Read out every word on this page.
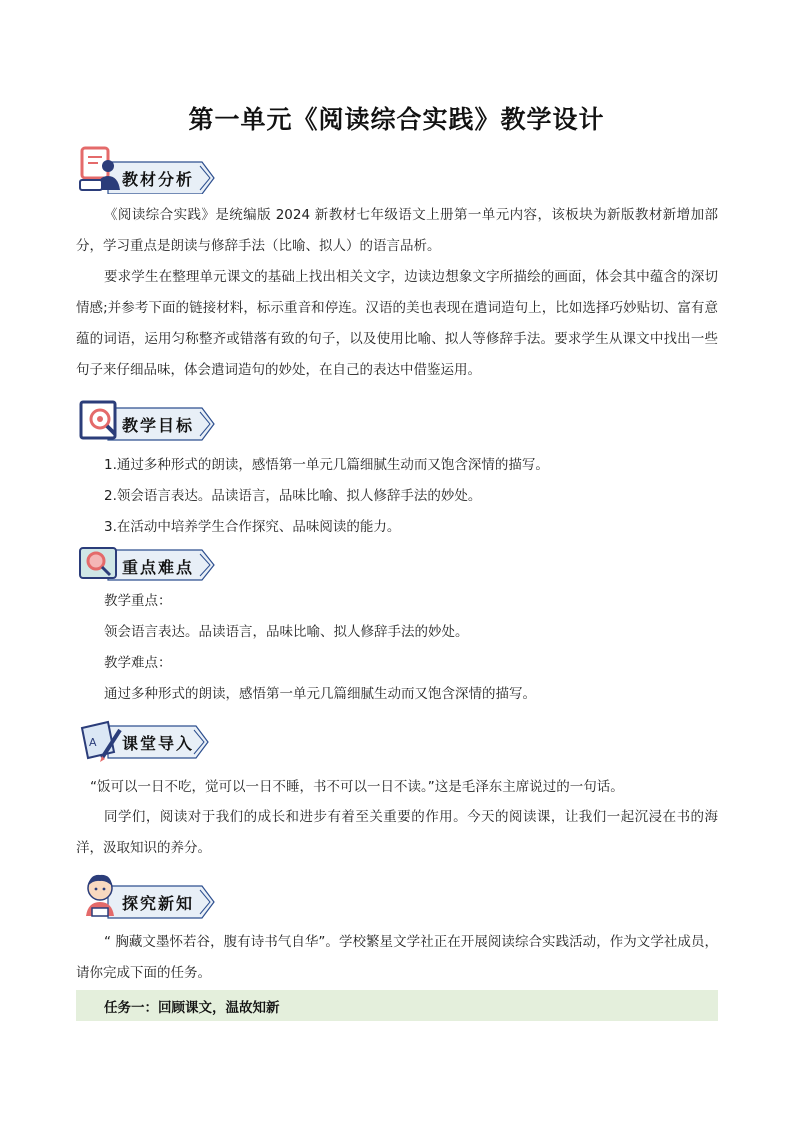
第一单元《阅读综合实践》教学设计
教材分析

《阅读综合实践》是统编版 2024 新教材七年级语文上册第一单元内容，该板块为新版教材新增加部分，学习重点是朗读与修辞手法（比喻、拟人）的语言品析。

要求学生在整理单元课文的基础上找出相关文字，边读边想象文字所描绘的画面，体会其中蕴含的深切情感;并参考下面的链接材料，标示重音和停连。汉语的美也表现在遣词造句上，比如选择巧妙贴切、富有意蕴的词语，运用匀称整齐或错落有致的句子，以及使用比喻、拟人等修辞手法。要求学生从课文中找出一些句子来仔细品味，体会遣词造句的妙处，在自己的表达中借鉴运用。

教学目标
1.通过多种形式的朗读，感悟第一单元几篇细腻生动而又饱含深情的描写。
2.领会语言表达。品读语言，品味比喻、拟人修辞手法的妙处。
3.在活动中培养学生合作探究、品味阅读的能力。
重点难点
教学重点：
领会语言表达。品读语言，品味比喻、拟人修辞手法的妙处。
教学难点：
通过多种形式的朗读，感悟第一单元几篇细腻生动而又饱含深情的描写。
A 课堂导入
“饭可以一日不吃，觉可以一日不睡，书不可以一日不读。”这是毛泽东主席说过的一句话。

同学们，阅读对于我们的成长和进步有着至关重要的作用。今天的阅读课，让我们一起沉浸在书的海洋，汲取知识的养分。

探究新知

“ 胸藏文墨怀若谷，腹有诗书气自华”。学校繁星文学社正在开展阅读综合实践活动，作为文学社成员，请你完成下面的任务。

任务一：回顾课文，温故知新
